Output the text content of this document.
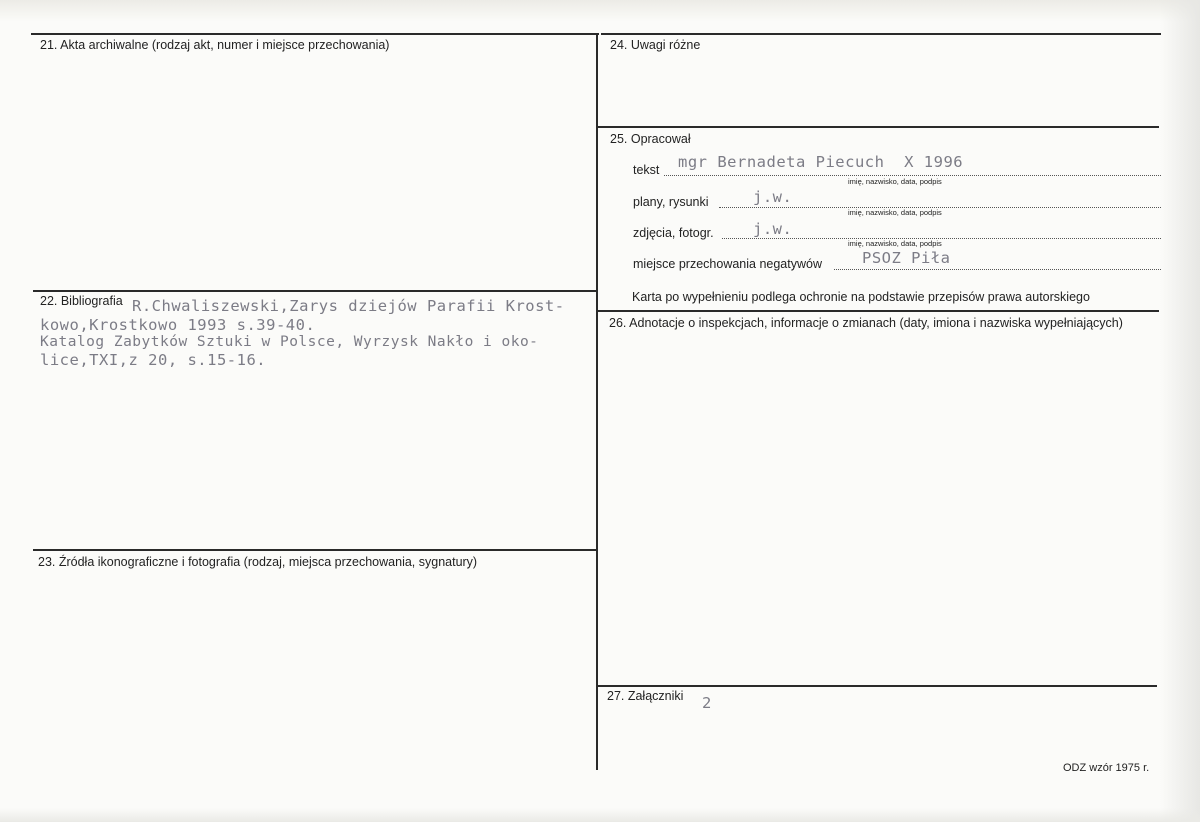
21. Akta archiwalne (rodzaj akt, numer i miejsce przechowania)
22. Bibliografia R.Chwaliszewski,Zarys dziejów Parafii Krost-
kowo,Krostkowo 1993 s.39-40.
Katalog Zabytków Sztuki w Polsce, Wyrzysk Nakło i oko-
lice,TXI,z 20, s.15-16.
23. Źródła ikonograficzne i fotografia (rodzaj, miejsca przechowania, sygnatury)
24. Uwagi różne
25. Opracował
tekst mgr Bernadeta Piecuch  X 1996
imię, nazwisko, data, podpis
plany, rysunki	j.w.
imię, nazwisko, data, podpis
zdjęcia, fotogr.	j.w.
imię, nazwisko, data, podpis
miejsce przechowania negatywów	PSOZ Piła
Karta po wypełnieniu podlega ochronie na podstawie przepisów prawa autorskiego
26. Adnotacje o inspekcjach, informacje o zmianach (daty, imiona i nazwiska wypełniających)
27. Załączniki 2
ODZ wzór 1975 r.
